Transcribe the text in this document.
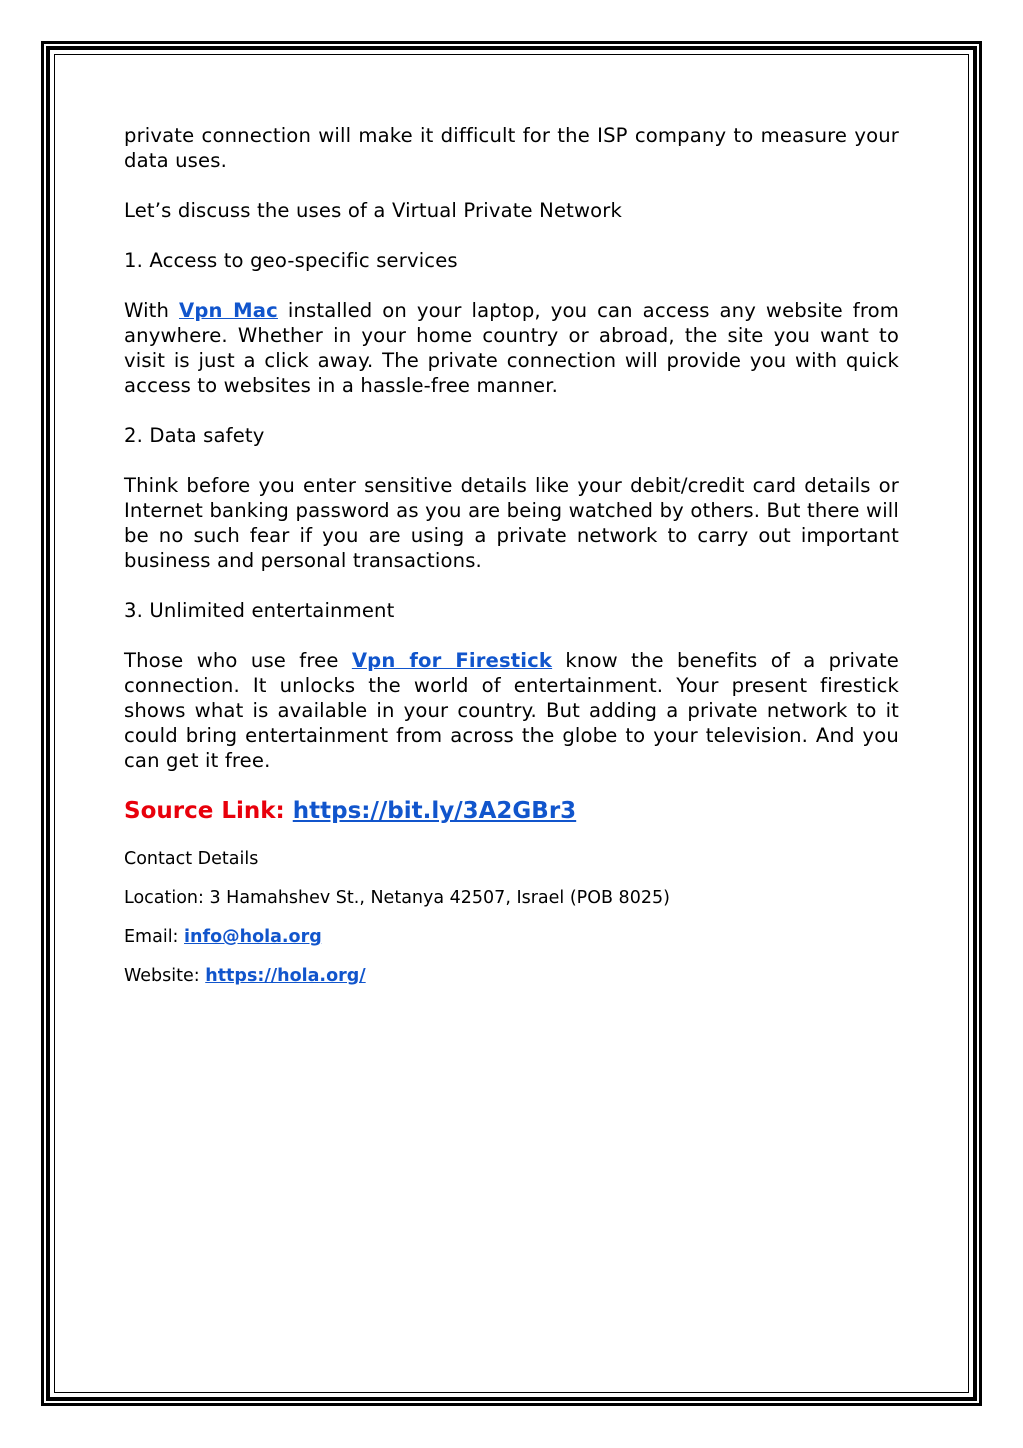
private connection will make it difficult for the ISP company to measure your data uses.

Let’s discuss the uses of a Virtual Private Network

1. Access to geo-specific services

With Vpn Mac installed on your laptop, you can access any website from anywhere. Whether in your home country or abroad, the site you want to visit is just a click away. The private connection will provide you with quick access to websites in a hassle-free manner.

2. Data safety

Think before you enter sensitive details like your debit/credit card details or Internet banking password as you are being watched by others. But there will be no such fear if you are using a private network to carry out important business and personal transactions.

3. Unlimited entertainment

Those who use free Vpn for Firestick know the benefits of a private connection. It unlocks the world of entertainment. Your present firestick shows what is available in your country. But adding a private network to it could bring entertainment from across the globe to your television. And you can get it free.

Source Link: https://bit.ly/3A2GBr3

Contact Details

Location: 3 Hamahshev St., Netanya 42507, Israel (POB 8025)

Email: info@hola.org

Website: https://hola.org/
